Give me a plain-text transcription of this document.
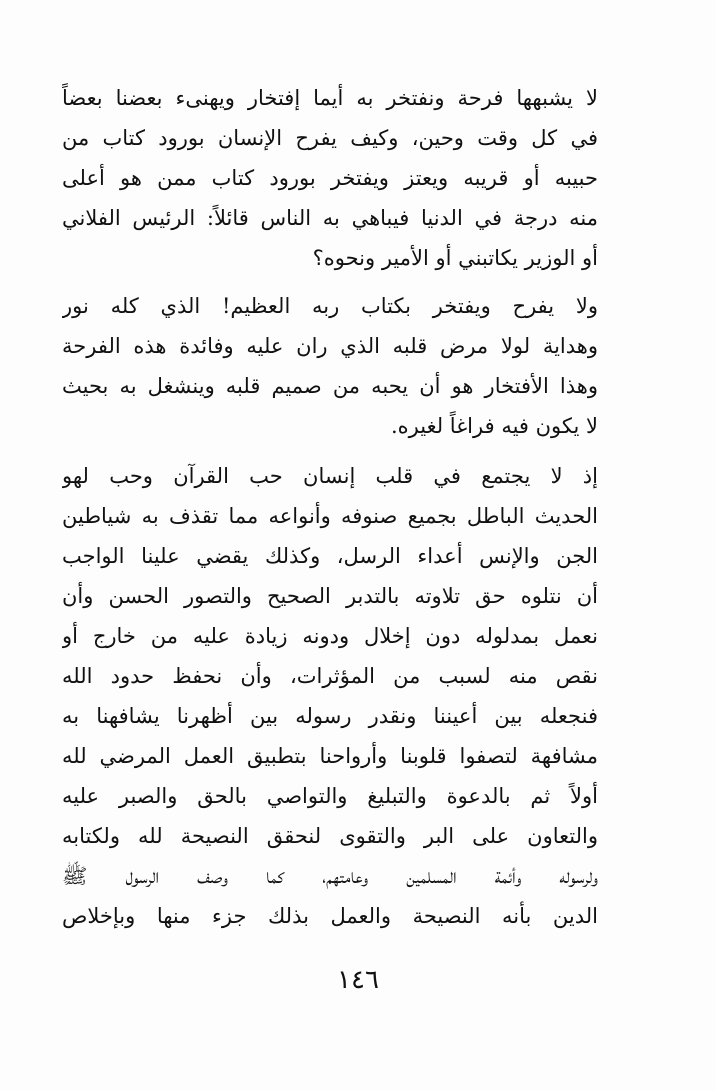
لا يشبهها فرحة ونفتخر به أيما إفتخار ويهنىء بعضنا بعضاً
في كل وقت وحين، وكيف يفرح الإنسان بورود كتاب من
حبيبه أو قريبه ويعتز ويفتخر بورود كتاب ممن هو أعلى
منه درجة في الدنيا فيباهي به الناس قائلاً: الرئيس الفلاني
أو الوزير يكاتبني أو الأمير ونحوه؟
ولا يفرح ويفتخر بكتاب ربه العظيم! الذي كله نور
وهداية لولا مرض قلبه الذي ران عليه وفائدة هذه الفرحة
وهذا الأفتخار هو أن يحبه من صميم قلبه وينشغل به بحيث
لا يكون فيه فراغاً لغيره.
إذ لا يجتمع في قلب إنسان حب القرآن وحب لهو
الحديث الباطل بجميع صنوفه وأنواعه مما تقذف به شياطين
الجن والإنس أعداء الرسل، وكذلك يقضي علينا الواجب
أن نتلوه حق تلاوته بالتدبر الصحيح والتصور الحسن وأن
نعمل بمدلوله دون إخلال ودونه زيادة عليه من خارج أو
نقص منه لسبب من المؤثرات، وأن نحفظ حدود الله
فنجعله بين أعيننا ونقدر رسوله بين أظهرنا يشافهنا به
مشافهة لتصفوا قلوبنا وأرواحنا بتطبيق العمل المرضي لله
أولاً ثم بالدعوة والتبليغ والتواصي بالحق والصبر عليه
والتعاون على البر والتقوى لنحقق النصيحة لله ولكتابه
ولرسوله وأئمة المسلمين وعامتهم، كما وصف الرسول ﷺ
الدين بأنه النصيحة والعمل بذلك جزء منها وبإخلاص
١٤٦
